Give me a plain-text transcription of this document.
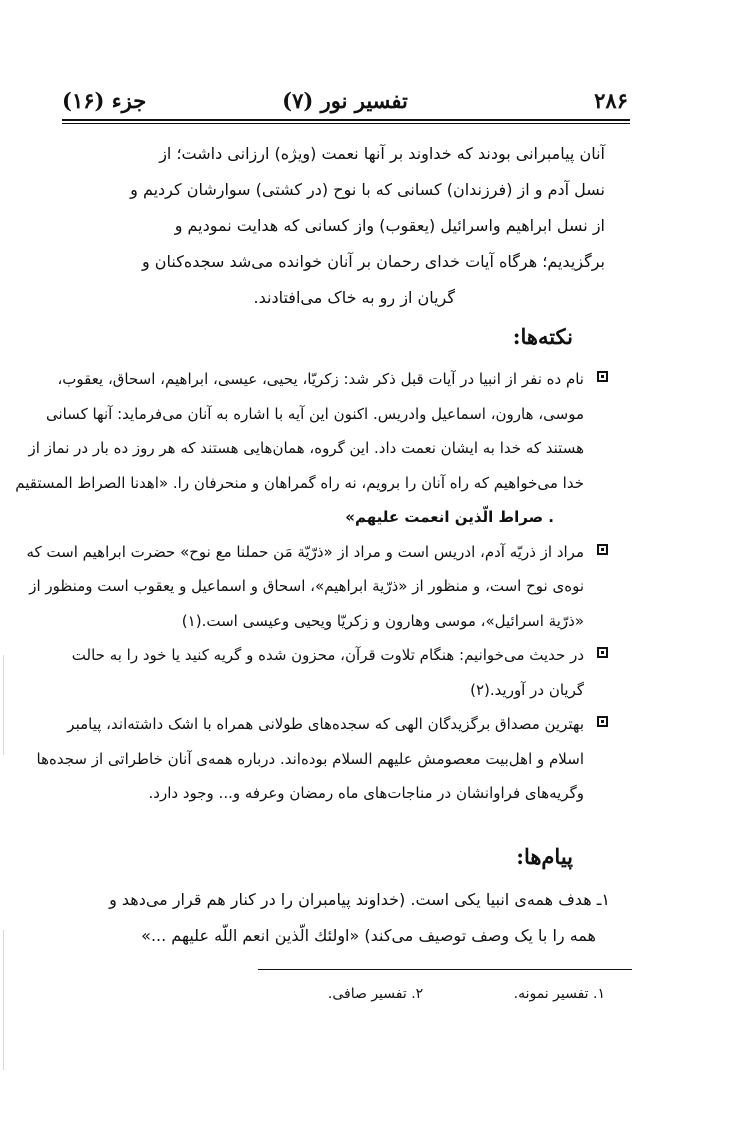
۲۸۶
تفسیر نور (۷)
جزء (۱۶)
آنان پیامبرانی بودند که خداوند بر آنها نعمت (ویژه) ارزانی داشت؛ از
نسل آدم و از (فرزندان) کسانی که با نوح (در کشتی) سوارشان کردیم و
از نسل ابراهیم واسرائیل (یعقوب) واز کسانی که هدایت نمودیم و
برگزیدیم؛ هرگاه آیات خدای رحمان بر آنان خوانده می‌شد سجده‌کنان و
گریان از رو به خاک می‌افتادند.
نکته‌ها:
نام ده نفر از انبیا در آیات قبل ذکر شد: زکریّا، یحیی، عیسی، ابراهیم، اسحاق، یعقوب،
موسی، هارون، اسماعیل وادریس. اکنون این آیه با اشاره به آنان می‌فرماید: آنها کسانی
هستند که خدا به ایشان نعمت داد. این گروه، همان‌هایی هستند که هر روز ده بار در نماز از
خدا می‌خواهیم که راه آنان را برویم، نه راه گمراهان و منحرفان را. «اهدنا الصراط المستقیم
. صراط الّذین انعمت علیهم»
مراد از ذریّه آدم، ادریس است و مراد از «ذرّیّة مَن حملنا مع نوح» حضرت ابراهیم است که
نوه‌ی نوح است، و منظور از «ذرّیة ابراهیم»، اسحاق و اسماعیل و یعقوب است ومنظور از
«ذرّیة اسرائیل»، موسی وهارون و زکریّا ویحیی وعیسی است.(۱)
در حدیث می‌خوانیم: هنگام تلاوت قرآن، محزون شده و گریه کنید یا خود را به حالت
گریان در آورید.(۲)
بهترین مصداق برگزیدگان الهی که سجده‌های طولانی همراه با اشک داشته‌اند، پیامبر
اسلام و اهل‌بیت معصومش علیهم السلام بوده‌اند. درباره همه‌ی آنان خاطراتی از سجده‌ها
وگریه‌های فراوانشان در مناجات‌های ماه رمضان وعرفه و... وجود دارد.
پیام‌ها:
۱ـ هدف همه‌ی انبیا یکی است. (خداوند پیامبران را در کنار هم قرار می‌دهد و
همه را با یک وصف توصیف می‌کند) «اولئك الّذین انعم اللّه علیهم ...»
۱. تفسیر نمونه. ۲. تفسیر صافی.
